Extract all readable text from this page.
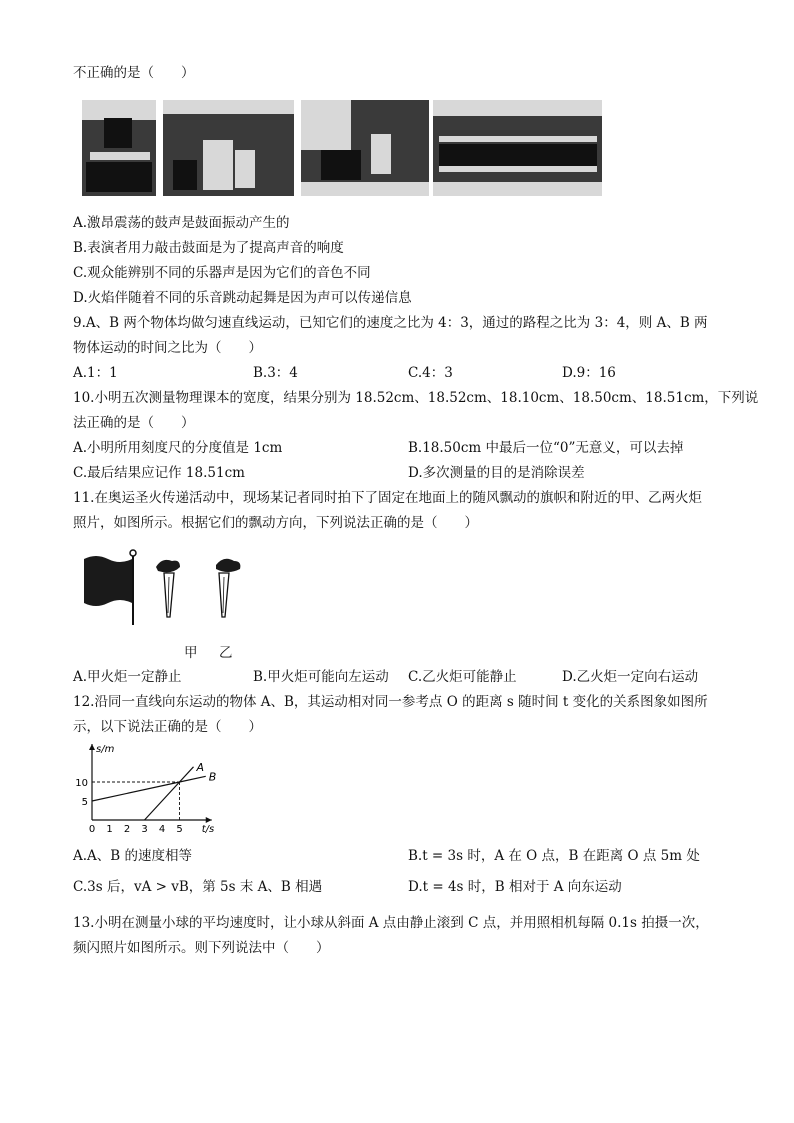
不正确的是（　　）
A.激昂震荡的鼓声是鼓面振动产生的
B.表演者用力敲击鼓面是为了提高声音的响度
C.观众能辨别不同的乐器声是因为它们的音色不同
D.火焰伴随着不同的乐音跳动起舞是因为声可以传递信息
9.A、B 两个物体均做匀速直线运动，已知它们的速度之比为 4：3，通过的路程之比为 3：4，则 A、B 两
物体运动的时间之比为（　　）
A.1：1	B.3：4	C.4：3	D.9：16
10.小明五次测量物理课本的宽度，结果分别为 18.52cm、18.52cm、18.10cm、18.50cm、18.51cm，下列说
法正确的是（　　）
A.小明所用刻度尺的分度值是 1cm	B.18.50cm 中最后一位“0”无意义，可以去掉
C.最后结果应记作 18.51cm	D.多次测量的目的是消除误差
11.在奥运圣火传递活动中，现场某记者同时拍下了固定在地面上的随风飘动的旗帜和附近的甲、乙两火炬
照片，如图所示。根据它们的飘动方向，下列说法正确的是（　　）
甲 乙
A.甲火炬一定静止	B.甲火炬可能向左运动 C.乙火炬可能静止	D.乙火炬一定向右运动
12.沿同一直线向东运动的物体 A、B，其运动相对同一参考点 O 的距离 s 随时间 t 变化的关系图象如图所
示，以下说法正确的是（　　）
0 1 2 3 4 5
5
10
A
B
s/m
t/s
A.A、B 的速度相等	B.t = 3s 时，A 在 O 点，B 在距离 O 点 5m 处
C.3s 后，vA > vB，第 5s 末 A、B 相遇	D.t = 4s 时，B 相对于 A 向东运动
13.小明在测量小球的平均速度时，让小球从斜面 A 点由静止滚到 C 点，并用照相机每隔 0.1s 拍摄一次，
频闪照片如图所示。则下列说法中（　　）
